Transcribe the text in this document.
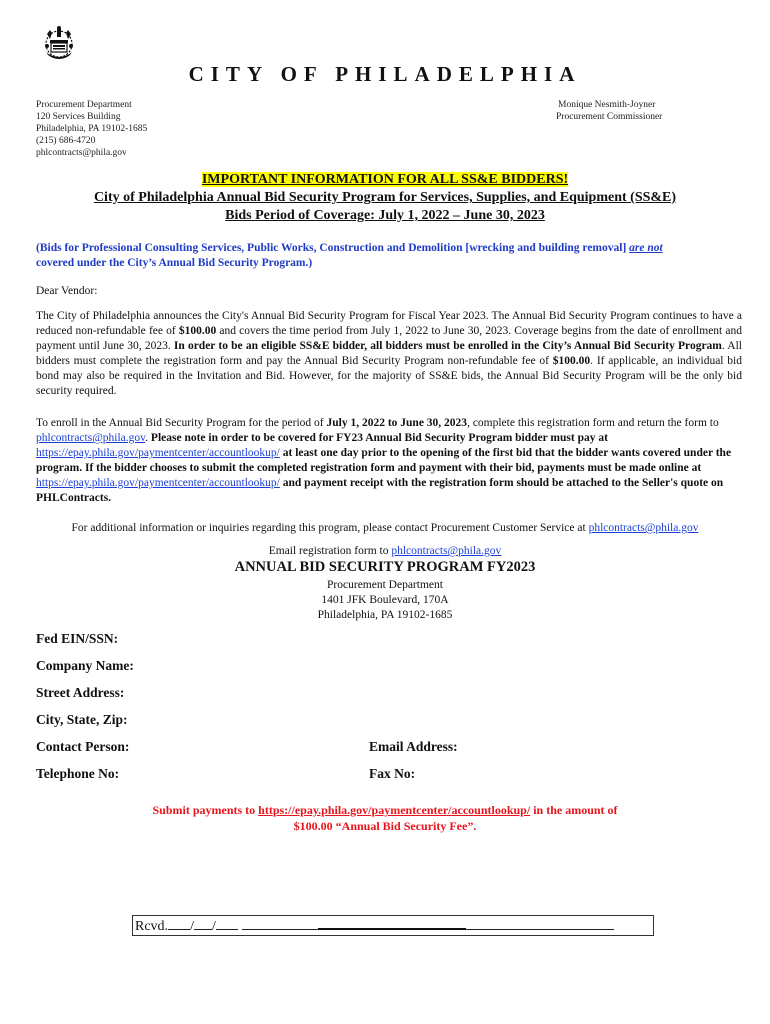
CITY OF PHILADELPHIA
Procurement Department
120 Services Building
Philadelphia, PA 19102-1685
(215) 686-4720
phlcontracts@phila.gov
Monique Nesmith-Joyner
Procurement Commissioner
IMPORTANT INFORMATION FOR ALL SS&E BIDDERS!
City of Philadelphia Annual Bid Security Program for Services, Supplies, and Equipment (SS&E)
Bids Period of Coverage: July 1, 2022 – June 30, 2023
(Bids for Professional Consulting Services, Public Works, Construction and Demolition [wrecking and building removal] are not
covered under the City’s Annual Bid Security Program.)
Dear Vendor:
The City of Philadelphia announces the City's Annual Bid Security Program for Fiscal Year 2023. The Annual Bid Security Program continues to have a reduced non-refundable fee of $100.00 and covers the time period from July 1, 2022 to June 30, 2023. Coverage begins from the date of enrollment and payment until June 30, 2023. In order to be an eligible SS&E bidder, all bidders must be enrolled in the City’s Annual Bid Security Program. All bidders must complete the registration form and pay the Annual Bid Security Program non-refundable fee of $100.00. If applicable, an individual bid bond may also be required in the Invitation and Bid. However, for the majority of SS&E bids, the Annual Bid Security Program will be the only bid security required.
To enroll in the Annual Bid Security Program for the period of July 1, 2022 to June 30, 2023, complete this registration form and return the form to phlcontracts@phila.gov. Please note in order to be covered for FY23 Annual Bid Security Program bidder must pay at https://epay.phila.gov/paymentcenter/accountlookup/ at least one day prior to the opening of the first bid that the bidder wants covered under the program. If the bidder chooses to submit the completed registration form and payment with their bid, payments must be made online at https://epay.phila.gov/paymentcenter/accountlookup/ and payment receipt with the registration form should be attached to the Seller's quote on PHLContracts.
For additional information or inquiries regarding this program, please contact Procurement Customer Service at phlcontracts@phila.gov
Email registration form to phlcontracts@phila.gov
ANNUAL BID SECURITY PROGRAM FY2023
Procurement Department
1401 JFK Boulevard, 170A
Philadelphia, PA 19102-1685
Fed EIN/SSN:
Company Name:
Street Address:
City, State, Zip:
Contact Person:	Email Address:
Telephone No:	Fax No:
Submit payments to https://epay.phila.gov/paymentcenter/accountlookup/ in the amount of
$100.00 “Annual Bid Security Fee”.
Rcvd. / /
